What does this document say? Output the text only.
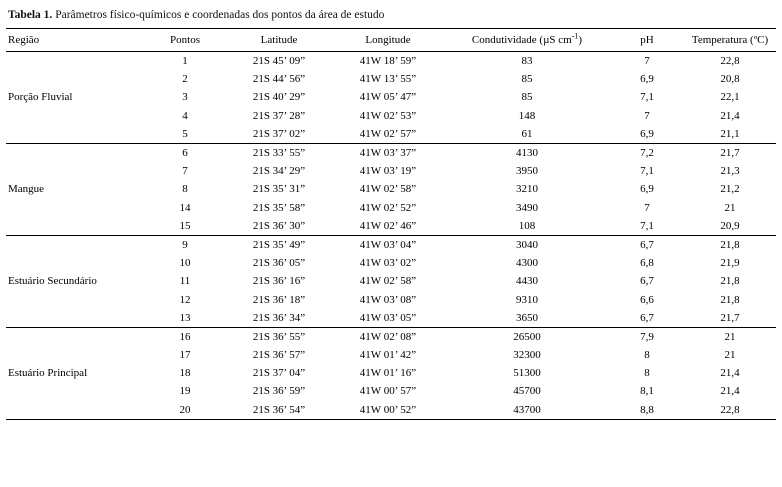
Tabela 1. Parâmetros físico-químicos e coordenadas dos pontos da área de estudo

Região	Pontos	Latitude	Longitude	Condutividade (µS $cm^{-1}$)	pH	Temperatura (ºC)
	1	21S 45’ 09”	41W 18’ 59”	83	7	22,8
	2	21S 44’ 56”	41W 13’ 55”	85	6,9	20,8
Porção Fluvial	3	21S 40’ 29”	41W 05’ 47”	85	7,1	22,1
	4	21S 37’ 28”	41W 02’ 53”	148	7	21,4
	5	21S 37’ 02”	41W 02’ 57”	61	6,9	21,1
	6	21S 33’ 55”	41W 03’ 37”	4130	7,2	21,7
	7	21S 34’ 29”	41W 03’ 19”	3950	7,1	21,3
Mangue	8	21S 35’ 31”	41W 02’ 58”	3210	6,9	21,2
	14	21S 35’ 58”	41W 02’ 52”	3490	7	21
	15	21S 36’ 30”	41W 02’ 46”	108	7,1	20,9
	9	21S 35’ 49”	41W 03’ 04”	3040	6,7	21,8
	10	21S 36’ 05”	41W 03’ 02”	4300	6,8	21,9
Estuário Secundário	11	21S 36’ 16”	41W 02’ 58”	4430	6,7	21,8
	12	21S 36’ 18”	41W 03’ 08”	9310	6,6	21,8
	13	21S 36’ 34”	41W 03’ 05”	3650	6,7	21,7
	16	21S 36’ 55”	41W 02’ 08”	26500	7,9	21
	17	21S 36’ 57”	41W 01’ 42”	32300	8	21
Estuário Principal	18	21S 37’ 04”	41W 01’ 16”	51300	8	21,4
	19	21S 36’ 59”	41W 00’ 57”	45700	8,1	21,4
	20	21S 36’ 54”	41W 00’ 52”	43700	8,8	22,8
